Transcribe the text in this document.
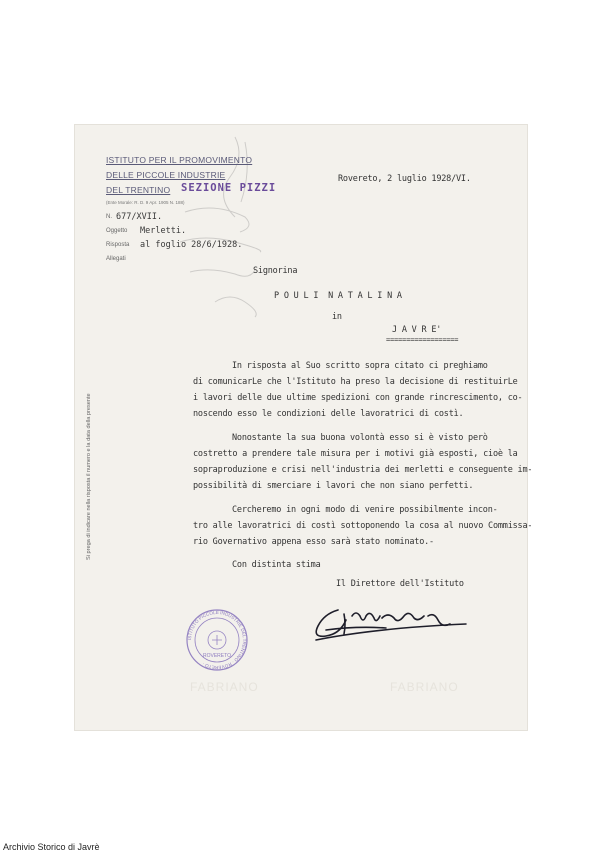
ISTITUTO PER IL PROMOVIMENTO
DELLE PICCOLE INDUSTRIE
DEL TRENTINO SEZIONE PIZZI
(Ente Morale: R. D. 9 Apr. 1905 N. 188)
N. 677/XVII.
Oggetto Merletti.
Risposta al foglio 28/6/1928.
Allegati
Rovereto, 2 luglio 1928/VI.
Signorina
P O U L I  N A T A L I N A
in
J A V R E'
==================
In risposta al Suo scritto sopra citato ci preghiamo
di comunicarLe che l'Istituto ha preso la decisione di restituirLe
i lavori delle due ultime spedizioni con grande rincrescimento, co-
noscendo esso le condizioni delle lavoratrici di costì.
Nonostante la sua buona volontà esso si è visto però
costretto a prendere tale misura per i motivi già esposti, cioè la
sopraproduzione e crisi nell'industria dei merletti e conseguente im-
possibilità di smerciare i lavori che non siano perfetti.
Cercheremo in ogni modo di venire possibilmente incon-
tro alle lavoratrici di costì sottoponendo la cosa al nuovo Commissa-
rio Governativo appena esso sarà stato nominato.-
Con distinta stima
Il Direttore dell'Istituto
Si prega di indicare nella risposta il numero e la data della presente
ISTITUTO PICCOLE INDUSTRIE DEL TRENTINO · ROVERETO ·
ROVERETO
FABRIANO	FABRIANO
Archivio Storico di Javrè
